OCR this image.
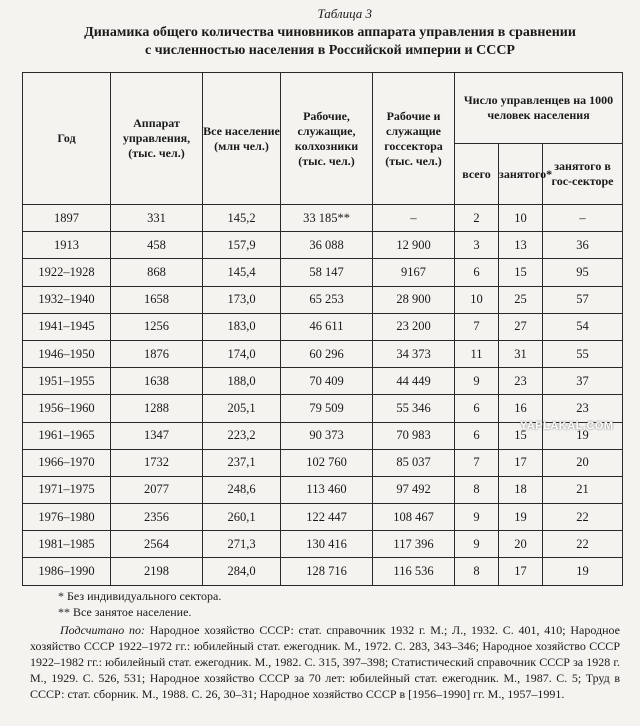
Таблица 3
Динамика общего количества чиновников аппарата управления в сравнении
с численностью населения в Российской империи и СССР
Год	Аппарат управления, (тыс. чел.)	Все население (млн чел.)	Рабочие, служащие, колхозники (тыс. чел.)	Рабочие и служащие госсектора (тыс. чел.)	Число управленцев на 1000 человек населения		
					всего	занятого*	занятого в гос-секторе
1897	331	145,2	33 185**	–	2	10	–
1913	458	157,9	36 088	12 900	3	13	36
1922–1928	868	145,4	58 147	9167	6	15	95
1932–1940	1658	173,0	65 253	28 900	10	25	57
1941–1945	1256	183,0	46 611	23 200	7	27	54
1946–1950	1876	174,0	60 296	34 373	11	31	55
1951–1955	1638	188,0	70 409	44 449	9	23	37
1956–1960	1288	205,1	79 509	55 346	6	16	23
1961–1965	1347	223,2	90 373	70 983	6	15	19
1966–1970	1732	237,1	102 760	85 037	7	17	20
1971–1975	2077	248,6	113 460	97 492	8	18	21
1976–1980	2356	260,1	122 447	108 467	9	19	22
1981–1985	2564	271,3	130 416	117 396	9	20	22
1986–1990	2198	284,0	128 716	116 536	8	17	19
* Без индивидуального сектора.
** Все занятое население.
Подсчитано по: Народное хозяйство СССР: стат. справочник 1932 г. М.; Л., 1932. С. 401, 410; Народное хозяйство СССР 1922–1972 гг.: юбилейный стат. ежегодник. М., 1972. С. 283, 343–346; Народное хозяйство СССР 1922–1982 гг.: юбилейный стат. ежегодник. М., 1982. С. 315, 397–398; Статистический справочник СССР за 1928 г. М., 1929. С. 526, 531; Народное хозяйство СССР за 70 лет: юбилейный стат. ежегодник. М., 1987. С. 5; Труд в СССР: стат. сборник. М., 1988. С. 26, 30–31; Народное хозяйство СССР в [1956–1990] гг. М., 1957–1991.
YAPLAKAL.COM
